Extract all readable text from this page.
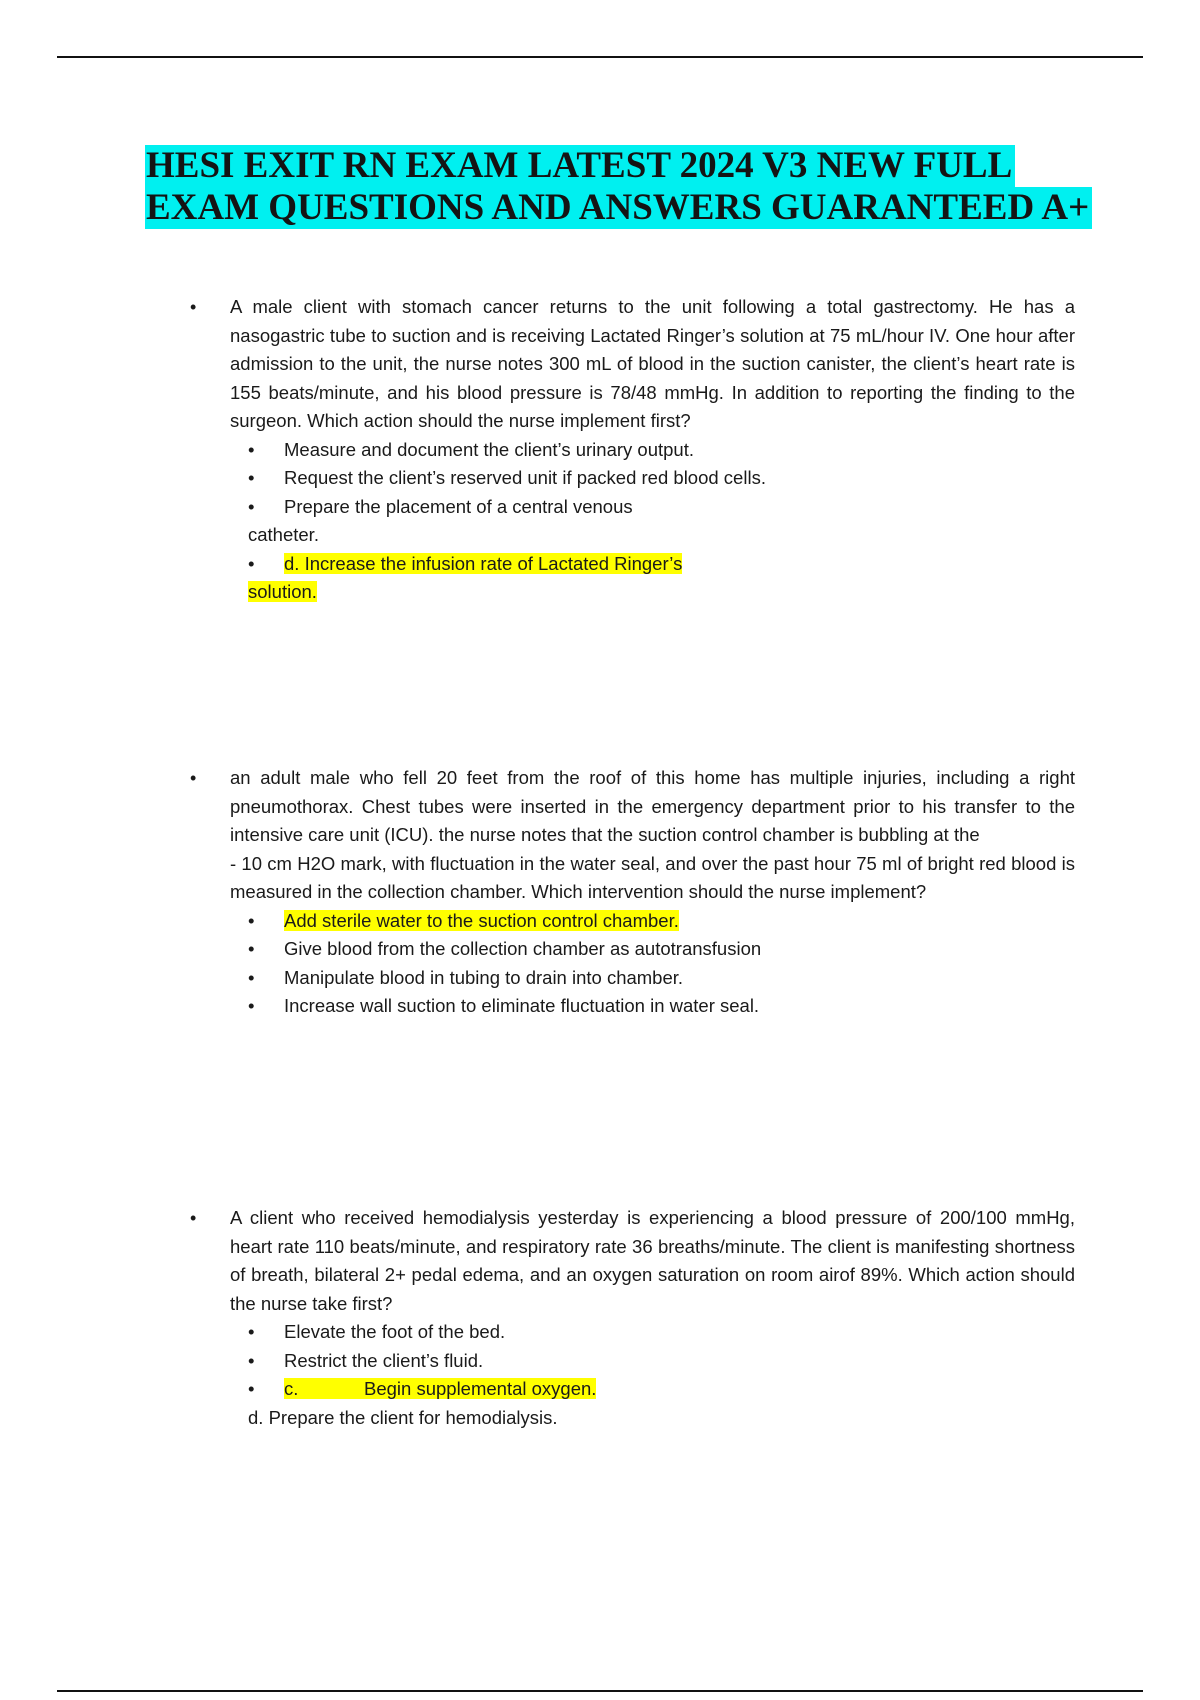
HESI EXIT RN EXAM LATEST 2024 V3 NEW FULL
EXAM QUESTIONS AND ANSWERS GUARANTEED A+
• A male client with stomach cancer returns to the unit following a total gastrectomy. He has a nasogastric tube to suction and is receiving Lactated Ringer’s solution at 75 mL/hour IV. One hour after admission to the unit, the nurse notes 300 mL of blood in the suction canister, the client’s heart rate is 155 beats/minute, and his blood pressure is 78/48 mmHg. In addition to reporting the finding to the surgeon. Which action should the nurse implement first?

•	Measure and document the client’s urinary output.
•	Request the client’s reserved unit if packed red blood cells.
•	Prepare the placement of a central venous
catheter.
•	d. Increase the infusion rate of Lactated Ringer’s
solution.
• an adult male who fell 20 feet from the roof of this home has multiple injuries, including a right pneumothorax. Chest tubes were inserted in the emergency department prior to his transfer to the intensive care unit (ICU). the nurse notes that the suction control chamber is bubbling at the

- 10 cm H2O mark, with fluctuation in the water seal, and over the past hour 75 ml of bright red blood is measured in the collection chamber. Which intervention should the nurse implement?

•	Add sterile water to the suction control chamber.
•	Give blood from the collection chamber as autotransfusion
•	Manipulate blood in tubing to drain into chamber.
•	Increase wall suction to eliminate fluctuation in water seal.
• A client who received hemodialysis yesterday is experiencing a blood pressure of 200/100 mmHg, heart rate 110 beats/minute, and respiratory rate 36 breaths/minute. The client is manifesting shortness of breath, bilateral 2+ pedal edema, and an oxygen saturation on room airof 89%. Which action should the nurse take first?

•	Elevate the foot of the bed.
•	Restrict the client’s fluid.
•	c.	Begin supplemental oxygen.
d. Prepare the client for hemodialysis.
